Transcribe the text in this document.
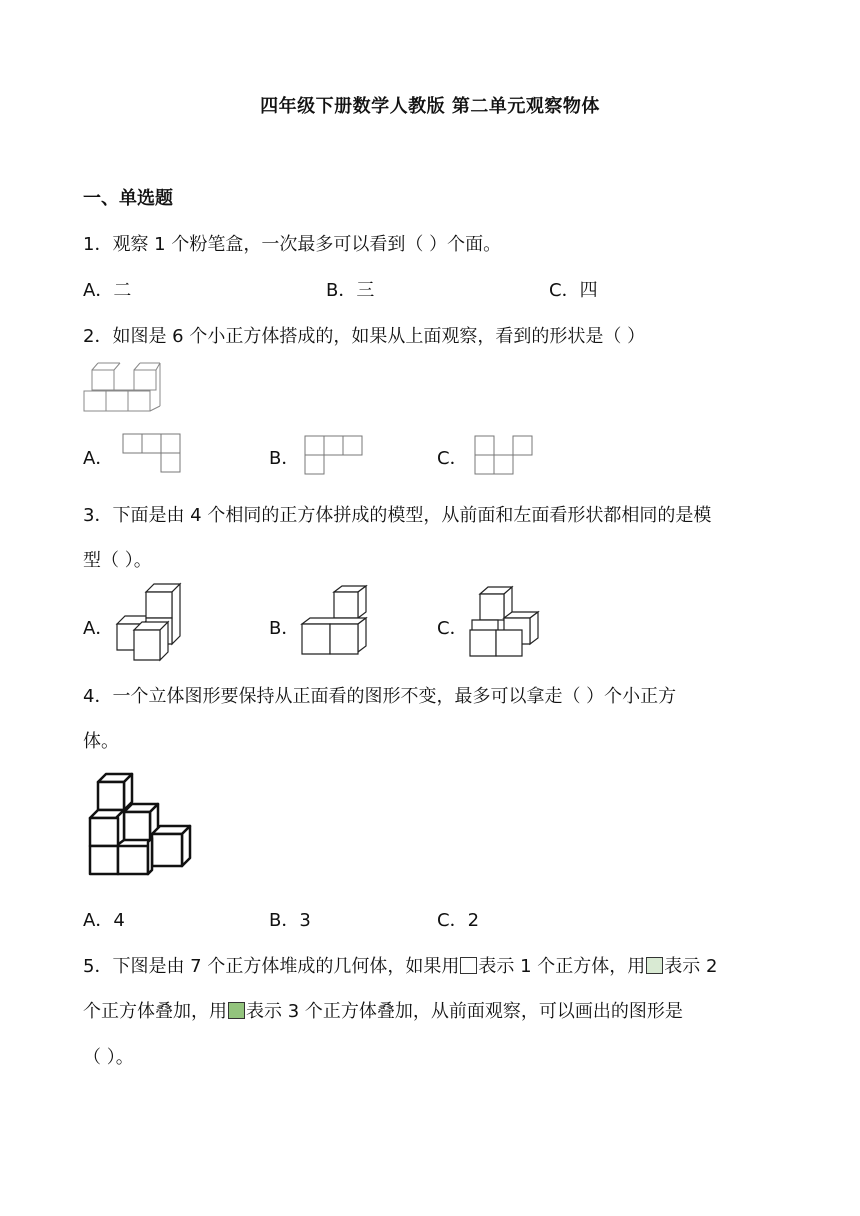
四年级下册数学人教版 第二单元观察物体
一、单选题
1．观察 1 个粉笔盒，一次最多可以看到（ ）个面。
A．二	B．三	C．四
2．如图是 6 个小正方体搭成的，如果从上面观察，看到的形状是（ ）
A．	B．	C．
3．下面是由 4 个相同的正方体拼成的模型，从前面和左面看形状都相同的是模
型（ ）。
A．	B．	C．
4．一个立体图形要保持从正面看的图形不变，最多可以拿走（ ）个小正方
体。
A．4	B．3	C．2
5．下图是由 7 个正方体堆成的几何体，如果用 表示 1 个正方体，用 表示 2
个正方体叠加，用 表示 3 个正方体叠加，从前面观察，可以画出的图形是
（ ）。
